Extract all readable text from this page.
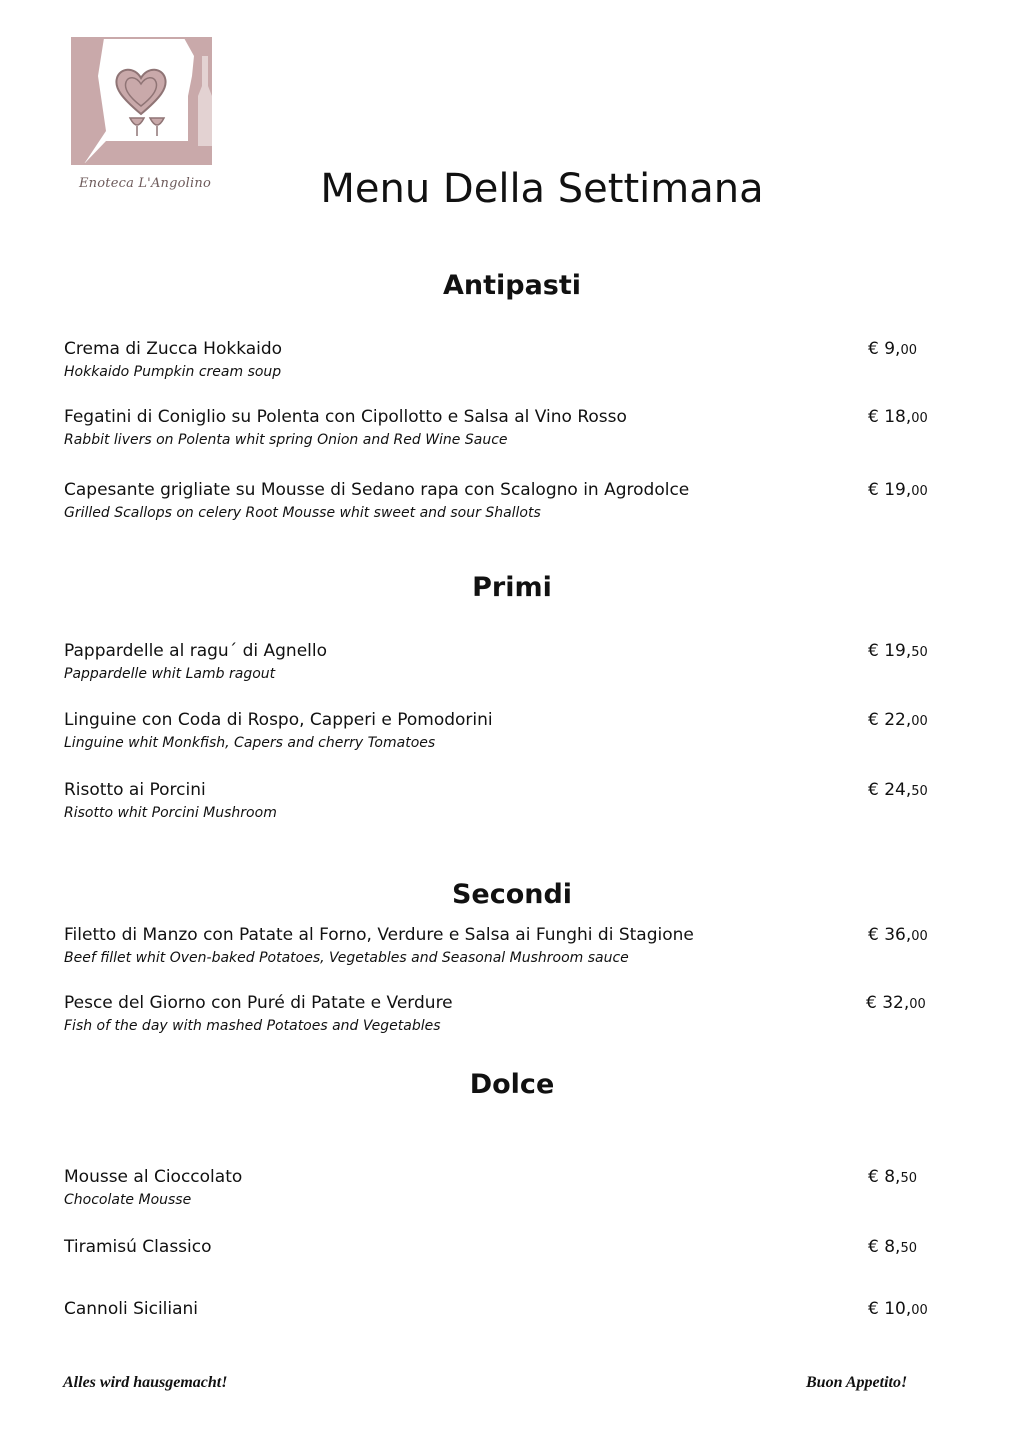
Enoteca L'Angolino	Menu Della Settimana
Antipasti
Crema di Zucca Hokkaido
Hokkaido Pumpkin cream soup
€ 9,00
Fegatini di Coniglio su Polenta con Cipollotto e Salsa al Vino Rosso
Rabbit livers on Polenta whit spring Onion and Red Wine Sauce
€ 18,00
Capesante grigliate su Mousse di Sedano rapa con Scalogno in Agrodolce
Grilled Scallops on celery Root Mousse whit sweet and sour Shallots
€ 19,00
Primi
Pappardelle al ragu´ di Agnello
Pappardelle whit Lamb ragout
€ 19,50
Linguine con Coda di Rospo, Capperi e Pomodorini
Linguine whit Monkfish, Capers and cherry Tomatoes
€ 22,00
Risotto ai Porcini
Risotto whit Porcini Mushroom
€ 24,50
Secondi
Filetto di Manzo con Patate al Forno, Verdure e Salsa ai Funghi di Stagione
Beef fillet whit Oven-baked Potatoes, Vegetables and Seasonal Mushroom sauce
€ 36,00
Pesce del Giorno con Puré di Patate e Verdure
Fish of the day with mashed Potatoes and Vegetables
€ 32,00
Dolce
Mousse al Cioccolato
Chocolate Mousse
€ 8,50
Tiramisú Classico	€ 8,50
Cannoli Siciliani	€ 10,00
Alles wird hausgemacht!	Buon Appetito!
